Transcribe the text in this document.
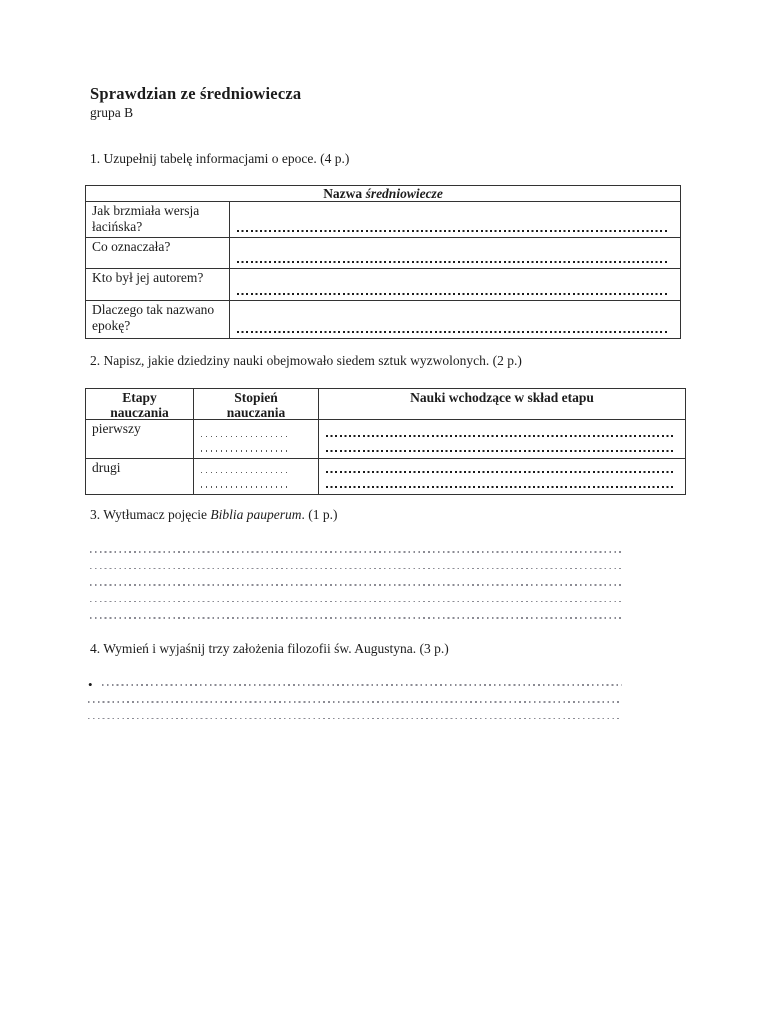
Sprawdzian ze średniowiecza
grupa B
1. Uzupełnij tabelę informacjami o epoce. (4 p.)
Nazwa średniowiecze
Jak brzmiała wersja łacińska?
Co oznaczała?
Kto był jej autorem?
Dlaczego tak nazwano epokę?
2. Napisz, jakie dziedziny nauki obejmowało siedem sztuk wyzwolonych. (2 p.)
Etapy nauczania
Stopień nauczania
Nauki wchodzące w skład etapu
pierwszy
drugi
3. Wytłumacz pojęcie Biblia pauperum. (1 p.)
4. Wymień i wyjaśnij trzy założenia filozofii św. Augustyna. (3 p.)
•
